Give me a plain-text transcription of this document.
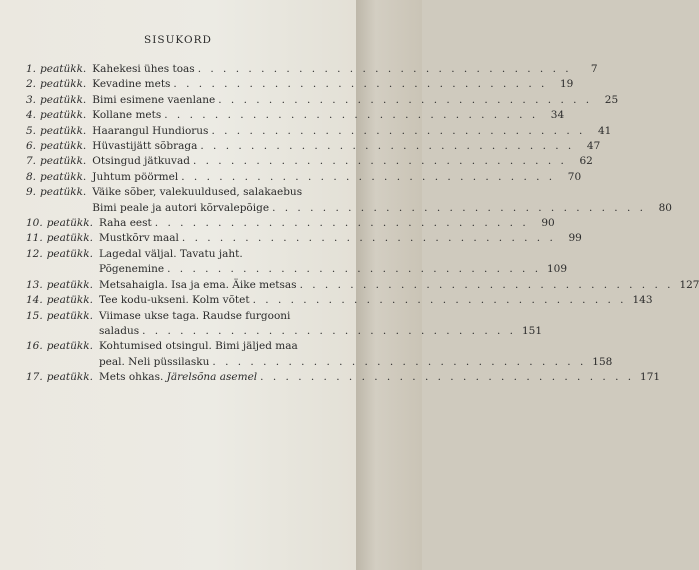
SISUKORD
1. peatükk. Kahekesi ühes toas . . . . . . . . . . . . . . . . . . . . . . . . . . . . . .	7
2. peatükk. Kevadine mets . . . . . . . . . . . . . . . . . . . . . . . . . . . . . .	19
3. peatükk. Bimi esimene vaenlane . . . . . . . . . . . . . . . . . . . . . . . . . . . . . .	25
4. peatükk. Kollane mets . . . . . . . . . . . . . . . . . . . . . . . . . . . . . .	34
5. peatükk. Haarangul Hundiorus . . . . . . . . . . . . . . . . . . . . . . . . . . . . . .	41
6. peatükk. Hüvastijätt sõbraga . . . . . . . . . . . . . . . . . . . . . . . . . . . . . .	47
7. peatükk. Otsingud jätkuvad . . . . . . . . . . . . . . . . . . . . . . . . . . . . . .	62
8. peatükk. Juhtum pöörmel . . . . . . . . . . . . . . . . . . . . . . . . . . . . . .	70
9. peatükk. Väike sõber, valekuuldused, salakaebus
Bimi peale ja autori kõrvalepõige . . . . . . . . . . . . . . . . . . . . . . . . . . . . . .	80
10. peatükk. Raha eest . . . . . . . . . . . . . . . . . . . . . . . . . . . . . .	90
11. peatükk. Mustkõrv maal . . . . . . . . . . . . . . . . . . . . . . . . . . . . . .	99
12. peatükk. Lagedal väljal. Tavatu jaht.
Põgenemine . . . . . . . . . . . . . . . . . . . . . . . . . . . . . . 109
13. peatükk. Metsahaigla. Isa ja ema. Äike metsas . . . . . . . . . . . . . . . . . . . . . . . . . . . . . . 127
14. peatükk. Tee kodu-ukseni. Kolm võtet . . . . . . . . . . . . . . . . . . . . . . . . . . . . . . 143
15. peatükk. Viimase ukse taga. Raudse furgooni
saladus . . . . . . . . . . . . . . . . . . . . . . . . . . . . . . 151
16. peatükk. Kohtumised otsingul. Bimi jäljed maa
peal. Neli püssilasku . . . . . . . . . . . . . . . . . . . . . . . . . . . . . . 158
17. peatükk. Mets ohkas. Järelsõna asemel . . . . . . . . . . . . . . . . . . . . . . . . . . . . . . 171
